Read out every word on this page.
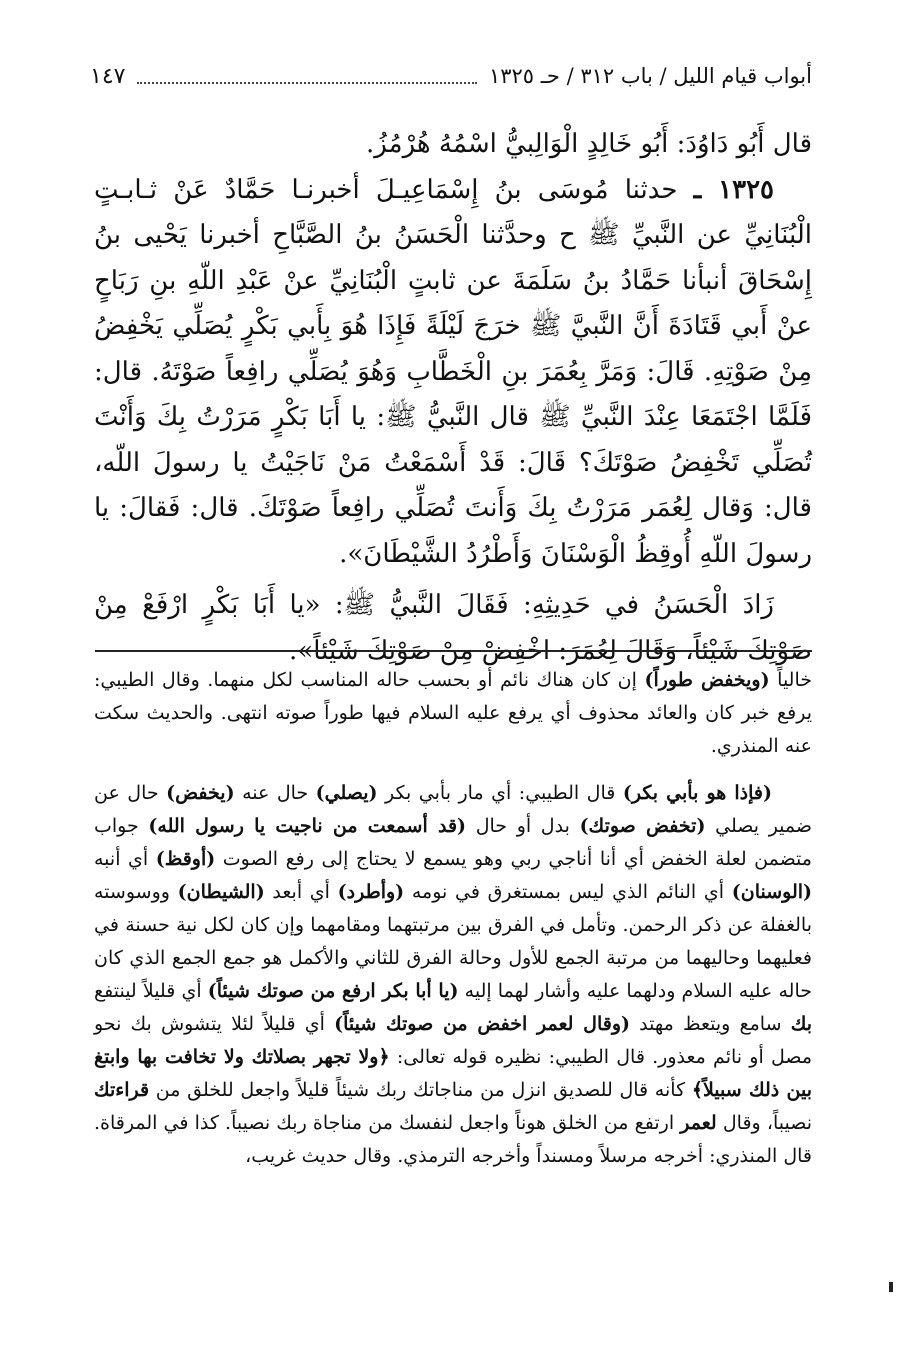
أبواب قيام الليل / باب ٣١٢ / حـ ١٣٢٥
١٤٧

قال أَبُو دَاوُدَ: أَبُو خَالِدٍ الْوَالِبيُّ اسْمُهُ هُرْمُزُ.

١٣٢٥ ـ حدثنا مُوسَى بنُ إِسْمَاعِيـلَ أخبرنـا حَمَّادٌ عَنْ ثـابـتٍ الْبُنَانِيِّ عن النَّبيِّ ﷺ ح وحدَّثنا الْحَسَنُ بنُ الصَّبَّاحِ أخبرنا يَحْيى بنُ إِسْحَاقَ أنبأنا حَمَّادُ بنُ سَلَمَةَ عن ثابتٍ الْبُنَانِيِّ عنْ عَبْدِ اللّهِ بنِ رَبَاحٍ عنْ أَبي قَتَادَةَ أَنَّ النَّبيَّ ﷺ خرَجَ لَيْلَةً فَإِذَا هُوَ بِأَبي بَكْرٍ يُصَلِّي يَخْفِضُ مِنْ صَوْتِهِ. قَالَ: وَمَرَّ بِعُمَرَ بنِ الْخَطَّابِ وَهُوَ يُصَلِّي رافِعاً صَوْتَهُ. قال: فَلَمَّا اجْتَمَعَا عِنْدَ النَّبيِّ ﷺ قال النَّبيُّ ﷺ: يا أَبَا بَكْرٍ مَرَرْتُ بِكَ وَأَنْتَ تُصَلِّي تَخْفِضُ صَوْتَكَ؟ قَالَ: قَدْ أَسْمَعْتُ مَنْ نَاجَيْتُ يا رسولَ اللّه، قال: وَقال لِعُمَر مَرَرْتُ بِكَ وَأَنتَ تُصَلِّي رافِعاً صَوْتَكَ. قال: فَقالَ: يا رسولَ اللّهِ أُوقِظُ الْوَسْنَانَ وَأَطْرُدُ الشَّيْطَانَ».

زَادَ الْحَسَنُ في حَدِيثِهِ: فَقَالَ النَّبيُّ ﷺ: «يا أَبَا بَكْرٍ ارْفَعْ مِنْ صَوْتِكَ شَيْئاً، وَقَالَ لِعُمَرَ: اخْفِضْ مِنْ صَوْتِكَ شَيْئاً».

خالياً (ويخفض طوراً) إن كان هناك نائم أو بحسب حاله المناسب لكل منهما. وقال الطيبي: يرفع خبر كان والعائد محذوف أي يرفع عليه السلام فيها طوراً صوته انتهى. والحديث سكت عنه المنذري.

(فإذا هو بأبي بكر) قال الطيبي: أي مار بأبي بكر (يصلي) حال عنه (يخفض) حال عن ضمير يصلي (تخفض صوتك) بدل أو حال (قد أسمعت من ناجيت يا رسول الله) جواب متضمن لعلة الخفض أي أنا أناجي ربي وهو يسمع لا يحتاج إلى رفع الصوت (أوقظ) أي أنبه (الوسنان) أي النائم الذي ليس بمستغرق في نومه (وأطرد) أي أبعد (الشيطان) ووسوسته بالغفلة عن ذكر الرحمن. وتأمل في الفرق بين مرتبتهما ومقامهما وإن كان لكل نية حسنة في فعليهما وحاليهما من مرتبة الجمع للأول وحالة الفرق للثاني والأكمل هو جمع الجمع الذي كان حاله عليه السلام ودلهما عليه وأشار لهما إليه (يا أبا بكر ارفع من صوتك شيئاً) أي قليلاً لينتفع بك سامع ويتعظ مهتد (وقال لعمر اخفض من صوتك شيئاً) أي قليلاً لئلا يتشوش بك نحو مصل أو نائم معذور. قال الطيبي: نظيره قوله تعالى: ﴿ولا تجهر بصلاتك ولا تخافت بها وابتغ بين ذلك سبيلاً﴾ كأنه قال للصديق انزل من مناجاتك ربك شيئاً قليلاً واجعل للخلق من قراءتك نصيباً، وقال لعمر ارتفع من الخلق هوناً واجعل لنفسك من مناجاة ربك نصيباً. كذا في المرقاة. قال المنذري: أخرجه مرسلاً ومسنداً وأخرجه الترمذي. وقال حديث غريب،
